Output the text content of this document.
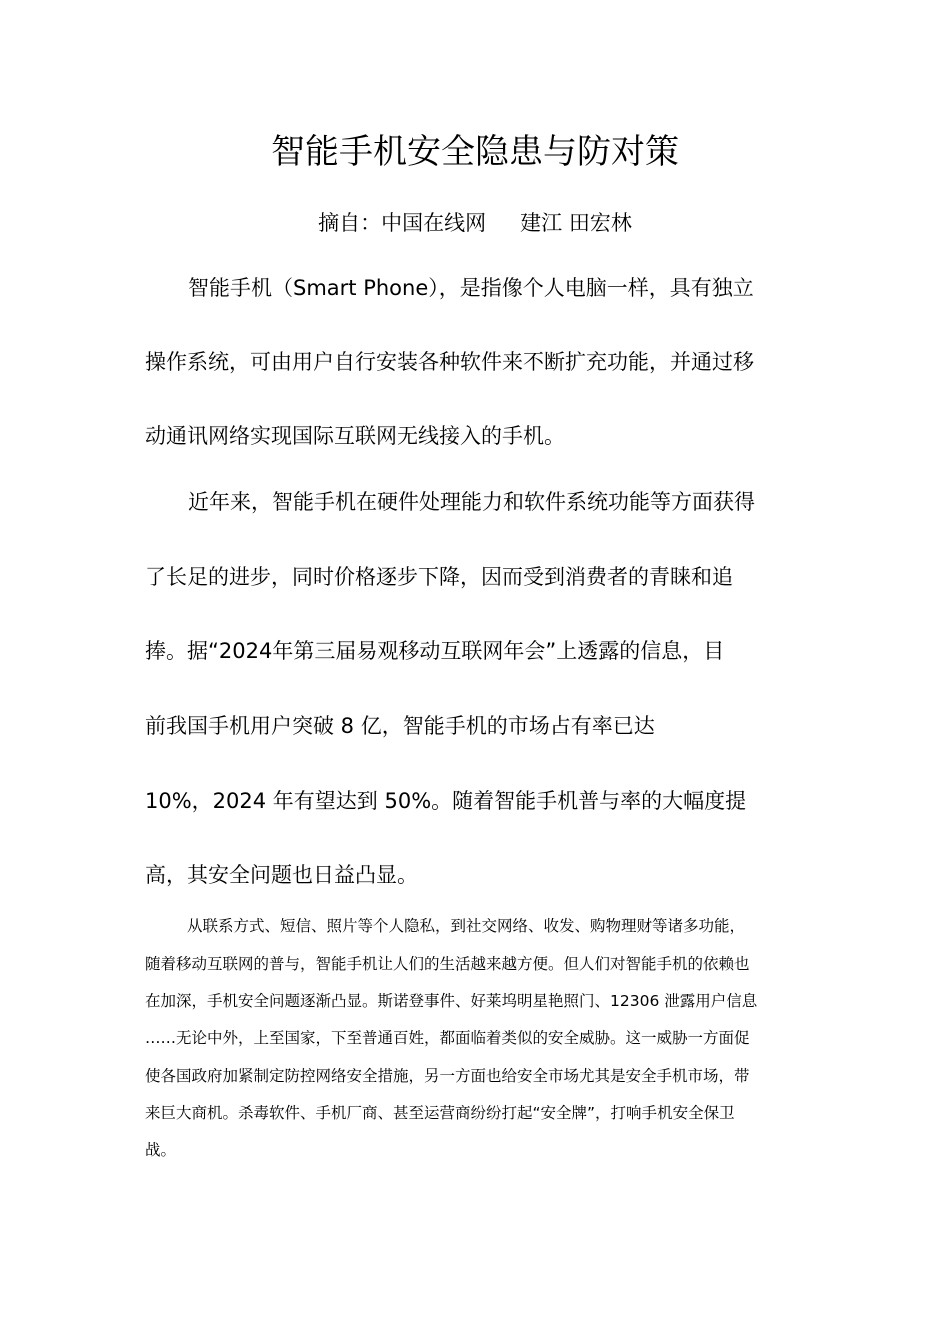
智能手机安全隐患与防对策
摘自：中国在线网 建江 田宏林
智能手机（Smart Phone），是指像个人电脑一样，具有独立
操作系统，可由用户自行安装各种软件来不断扩充功能，并通过移
动通讯网络实现国际互联网无线接入的手机。
近年来，智能手机在硬件处理能力和软件系统功能等方面获得
了长足的进步，同时价格逐步下降，因而受到消费者的青睐和追
捧。据“2024年第三届易观移动互联网年会”上透露的信息，目
前我国手机用户突破 8 亿，智能手机的市场占有率已达
10%，2024 年有望达到 50%。随着智能手机普与率的大幅度提
高，其安全问题也日益凸显。
从联系方式、短信、照片等个人隐私，到社交网络、收发、购物理财等诸多功能，
随着移动互联网的普与，智能手机让人们的生活越来越方便。但人们对智能手机的依赖也
在加深，手机安全问题逐渐凸显。斯诺登事件、好莱坞明星艳照门、12306 泄露用户信息
……无论中外，上至国家，下至普通百姓，都面临着类似的安全威胁。这一威胁一方面促
使各国政府加紧制定防控网络安全措施，另一方面也给安全市场尤其是安全手机市场，带
来巨大商机。杀毒软件、手机厂商、甚至运营商纷纷打起“安全牌”，打响手机安全保卫
战。
